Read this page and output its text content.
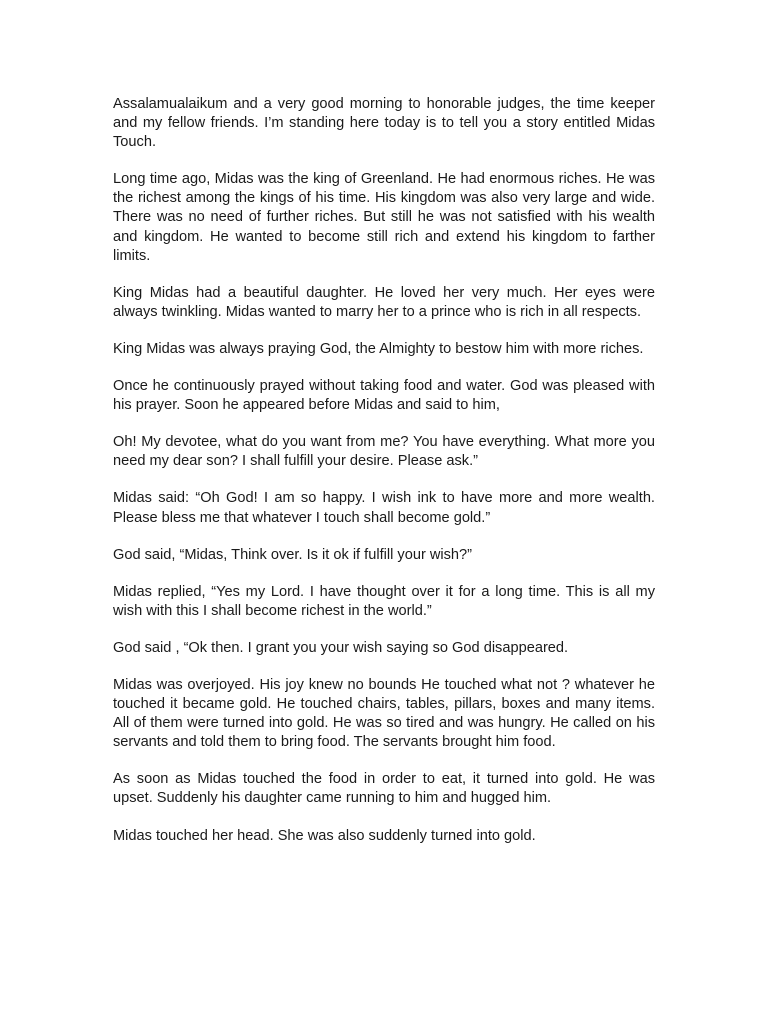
Assalamualaikum and a very good morning to honorable judges, the time keeper and my fellow friends. I’m standing here today is to tell you a story entitled Midas Touch.

Long time ago, Midas was the king of Greenland. He had enormous riches. He was the richest among the kings of his time. His kingdom was also very large and wide. There was no need of further riches. But still he was not satisfied with his wealth and kingdom. He wanted to become still rich and extend his kingdom to farther limits.

King Midas had a beautiful daughter. He loved her very much. Her eyes were always twinkling. Midas wanted to marry her to a prince who is rich in all respects.

King Midas was always praying God, the Almighty to bestow him with more riches.

Once he continuously prayed without taking food and water. God was pleased with his prayer. Soon he appeared before Midas and said to him,

Oh! My devotee, what do you want from me? You have everything. What more you need my dear son? I shall fulfill your desire. Please ask.”

Midas said: “Oh God! I am so happy. I wish ink to have more and more wealth. Please bless me that whatever I touch shall become gold.”

God said, “Midas, Think over. Is it ok if fulfill your wish?”

Midas replied, “Yes my Lord. I have thought over it for a long time. This is all my wish with this I shall become richest in the world.”

God said , “Ok then. I grant you your wish saying so God disappeared.

Midas was overjoyed. His joy knew no bounds He touched what not ? whatever he touched it became gold. He touched chairs, tables, pillars, boxes and many items. All of them were turned into gold. He was so tired and was hungry. He called on his servants and told them to bring food. The servants brought him food.

As soon as Midas touched the food in order to eat, it turned into gold. He was upset. Suddenly his daughter came running to him and hugged him.

Midas touched her head. She was also suddenly turned into gold.
